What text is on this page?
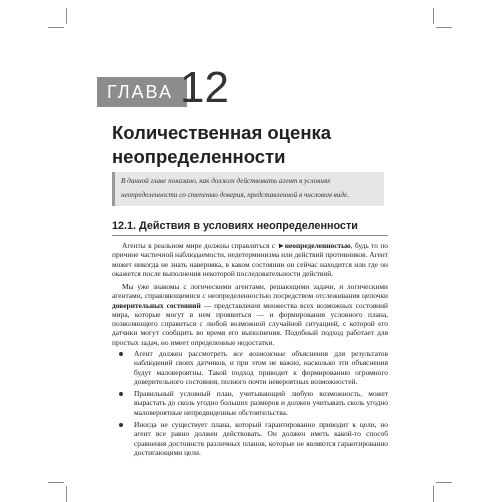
ГЛАВА 12
Количественная оценка неопределенности
В данной главе показано, как должен действовать агент в условиях неопределенности со степенью доверия, представленной в числовом виде.
12.1. Действия в условиях неопределенности
Агенты в реальном мире должны справляться с ►неопределенностью, будь то по причине частичной наблюдаемости, недетерминизма или действий противников. Агент может никогда не знать наверняка, в каком состоянии он сейчас находится или где он окажется после выполнения некоторой последовательности действий.
Мы уже знакомы с логическими агентами, решающими задачи, и логическими агентами, справляющимися с неопределенностью посредством отслеживания цепочки доверительных состояний — представления множества всех возможных состояний мира, которые могут в нем проявиться — и формирования условного плана, позволяющего справиться с любой возможной случайной ситуацией, с которой его датчики могут сообщить во время его выполнения. Подобный подход работает для простых задач, но имеет определенные недостатки.
Агент должен рассмотреть все возможные объяснения для результатов наблюдений своих датчиков, и при этом не важно, насколько эти объяснения будут маловероятны. Такой подход приводит к формированию огромного доверительного состояния, полного почти невероятных возможностей.
Правильный условный план, учитывающий любую возможность, может вырастать до сколь угодно больших размеров и должен учитывать сколь угодно маловероятные непредвиденные обстоятельства.
Иногда не существует плана, который гарантированно приводит к цели, но агент все равно должен действовать. Он должен иметь какой-то способ сравнения достоинств различных планов, которые не являются гарантированно достигающими цели.
